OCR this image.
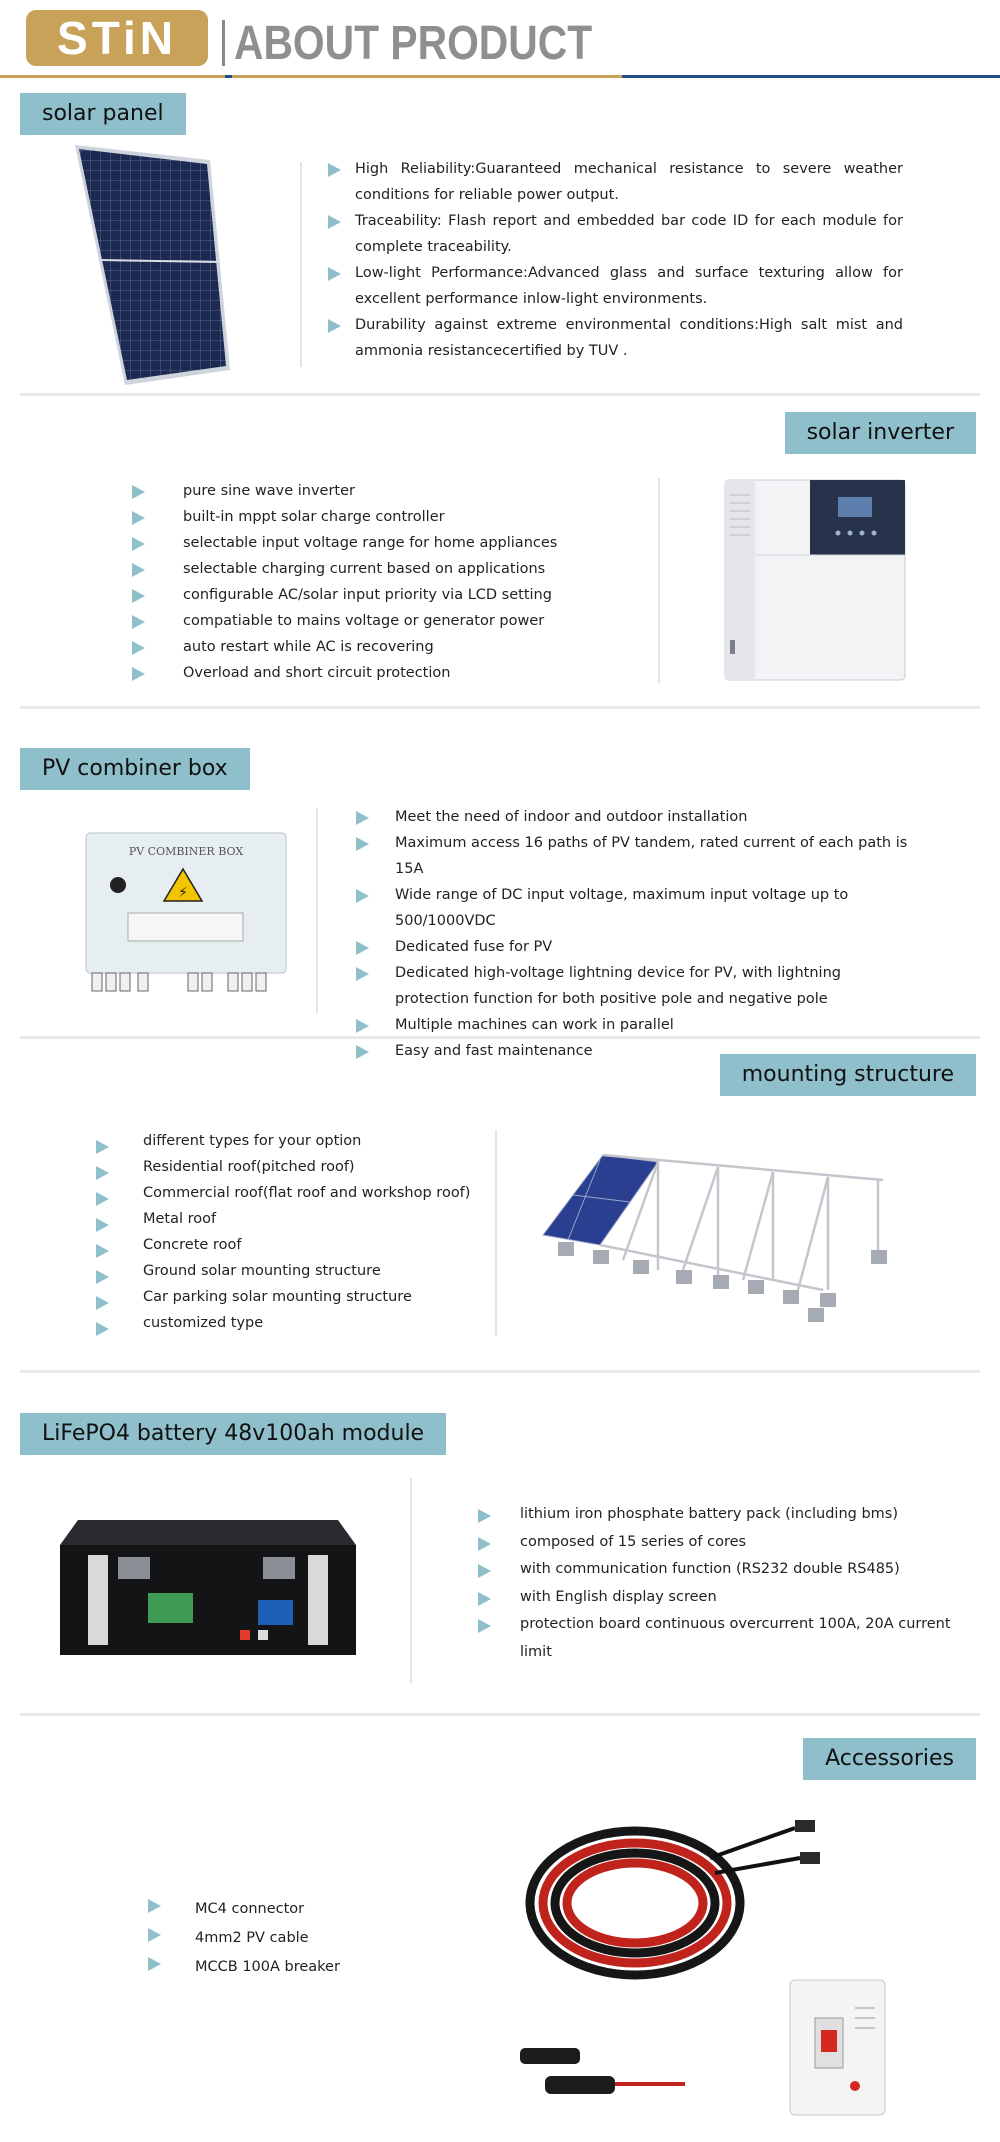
STiN	ABOUT PRODUCT
solar panel
High Reliability:Guaranteed mechanical resistance to severe weather conditions for reliable power output.
Traceability: Flash report and embedded bar code ID for each module for complete traceability.
Low-light Performance:Advanced glass and surface texturing allow for excellent performance inlow-light environments.
Durability against extreme environmental conditions:High salt mist and ammonia resistancecertified by TUV .
solar inverter
pure sine wave inverter
built-in mppt solar charge controller
selectable input voltage range for home appliances
selectable charging current based on applications
configurable AC/solar input priority via LCD setting
compatiable to mains voltage or generator power
auto restart while AC is recovering
Overload and short circuit protection
PV combiner box
PV COMBINER BOX
⚡
Meet the need of indoor and outdoor installation
Maximum access 16 paths of PV tandem, rated current of each path is 15A
Wide range of DC input voltage, maximum input voltage up to 500/1000VDC
Dedicated fuse for PV
Dedicated high-voltage lightning device for PV, with lightning protection function for both positive pole and negative pole
Multiple machines can work in parallel
Easy and fast maintenance
mounting structure
different types for your option
Residential roof(pitched roof)
Commercial roof(flat roof and workshop roof)
Metal roof
Concrete roof
Ground solar mounting structure
Car parking solar mounting structure
customized type
LiFePO4 battery 48v100ah module
lithium iron phosphate battery pack (including bms)
composed of 15 series of cores
with communication function (RS232 double RS485)
with English display screen
protection board continuous overcurrent 100A, 20A current limit
Accessories
MC4 connector
4mm2 PV cable
MCCB 100A breaker
